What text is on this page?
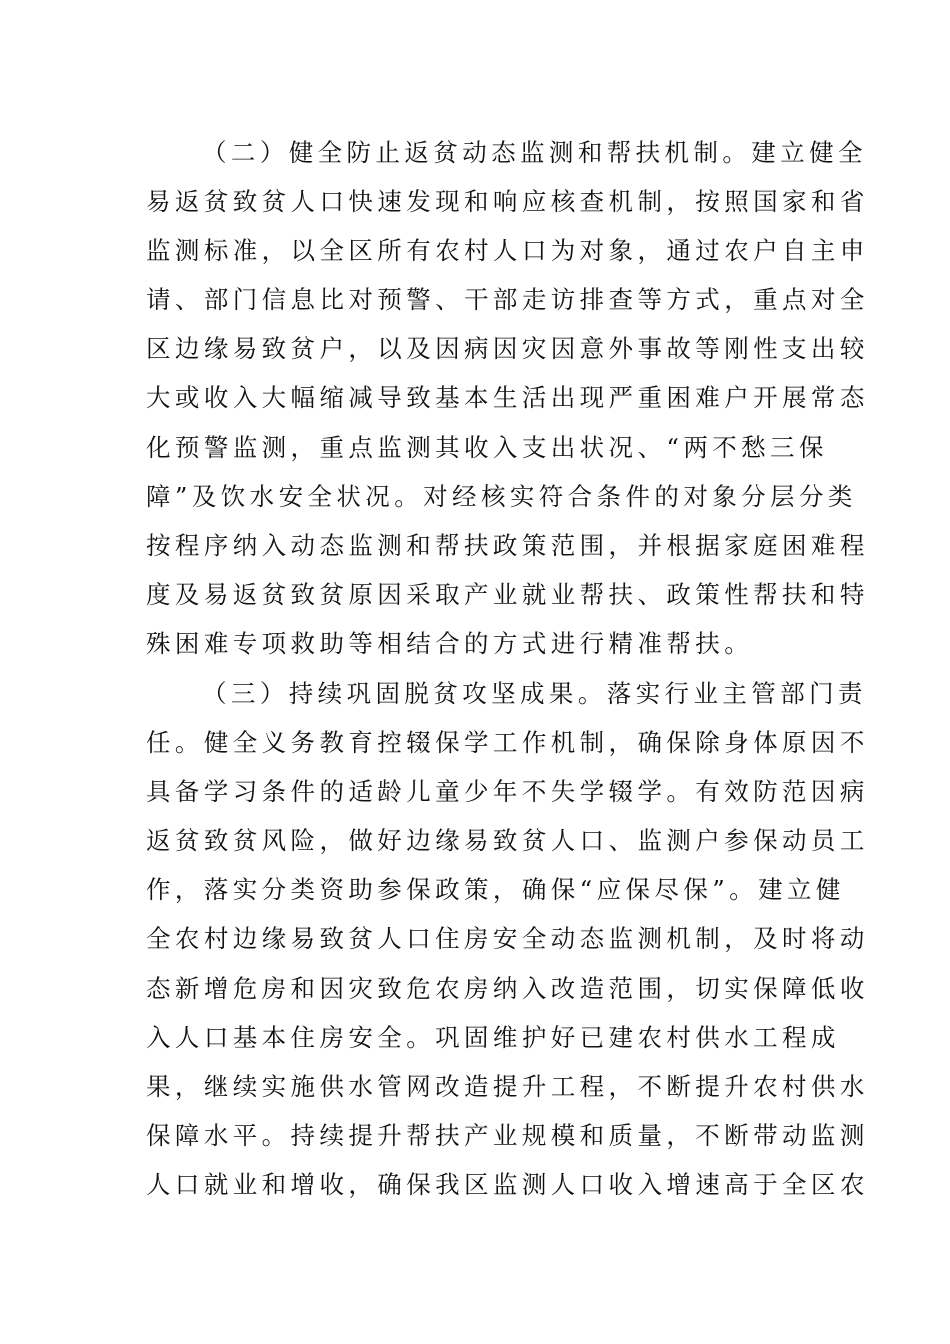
（二）健全防止返贫动态监测和帮扶机制。建立健全
易返贫致贫人口快速发现和响应核查机制，按照国家和省
监测标准，以全区所有农村人口为对象，通过农户自主申
请、部门信息比对预警、干部走访排查等方式，重点对全
区边缘易致贫户，以及因病因灾因意外事故等刚性支出较
大或收入大幅缩减导致基本生活出现严重困难户开展常态
化预警监测，重点监测其收入支出状况、“两不愁三保
障”及饮水安全状况。对经核实符合条件的对象分层分类
按程序纳入动态监测和帮扶政策范围，并根据家庭困难程
度及易返贫致贫原因采取产业就业帮扶、政策性帮扶和特
殊困难专项救助等相结合的方式进行精准帮扶。
（三）持续巩固脱贫攻坚成果。落实行业主管部门责
任。健全义务教育控辍保学工作机制，确保除身体原因不
具备学习条件的适龄儿童少年不失学辍学。有效防范因病
返贫致贫风险，做好边缘易致贫人口、监测户参保动员工
作，落实分类资助参保政策，确保“应保尽保”。建立健
全农村边缘易致贫人口住房安全动态监测机制，及时将动
态新增危房和因灾致危农房纳入改造范围，切实保障低收
入人口基本住房安全。巩固维护好已建农村供水工程成
果，继续实施供水管网改造提升工程，不断提升农村供水
保障水平。持续提升帮扶产业规模和质量，不断带动监测
人口就业和增收，确保我区监测人口收入增速高于全区农
